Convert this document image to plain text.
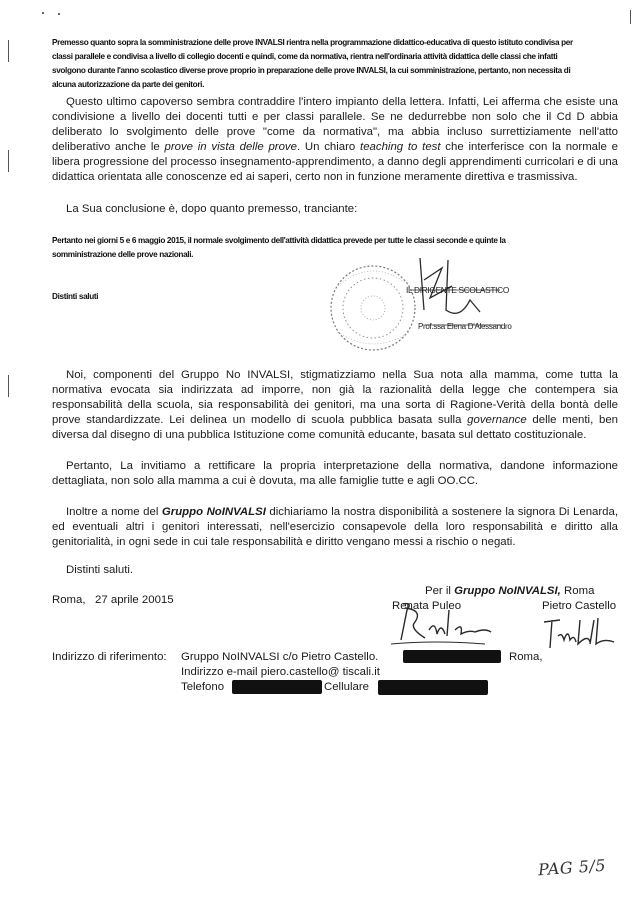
Premesso quanto sopra la somministrazione delle prove INVALSI rientra nella programmazione didattico-educativa di questo istituto condivisa per
classi parallele e condivisa a livello di collegio docenti e quindi, come da normativa, rientra nell'ordinaria attività didattica delle classi che infatti
svolgono durante l'anno scolastico diverse prove proprio in preparazione delle prove INVALSI, la cui somministrazione, pertanto, non necessita di
alcuna autorizzazione da parte dei genitori.
Questo ultimo capoverso sembra contraddire l'intero impianto della lettera. Infatti, Lei afferma che esiste una condivisione a livello dei docenti tutti e per classi parallele. Se ne dedurrebbe non solo che il Cd D abbia deliberato lo svolgimento delle prove "come da normativa", ma abbia incluso surrettiziamente nell'atto deliberativo anche le prove in vista delle prove. Un chiaro teaching to test che interferisce con la normale e libera progressione del processo insegnamento-apprendimento, a danno degli apprendimenti curricolari e di una didattica orientata alle conoscenze ed ai saperi, certo non in funzione meramente direttiva e trasmissiva.
La Sua conclusione è, dopo quanto premesso, tranciante:
Pertanto nei giorni 5 e 6 maggio 2015, il normale svolgimento dell'attività didattica prevede per tutte le classi seconde e quinte la
somministrazione delle prove nazionali.
Distinti saluti
IL DIRIGENTE SCOLASTICO
Prof.ssa Elena D'Alessandro
Noi, componenti del Gruppo No INVALSI, stigmatizziamo nella Sua nota alla mamma, come tutta la normativa evocata sia indirizzata ad imporre, non già la razionalità della legge che contempera sia responsabilità della scuola, sia responsabilità dei genitori, ma una sorta di Ragione-Verità della bontà delle prove standardizzate. Lei delinea un modello di scuola pubblica basata sulla governance delle menti, ben diversa dal disegno di una pubblica Istituzione come comunità educante, basata sul dettato costituzionale.
Pertanto, La invitiamo a rettificare la propria interpretazione della normativa, dandone informazione dettagliata, non solo alla mamma a cui è dovuta, ma alle famiglie tutte e agli OO.CC.
Inoltre a nome del Gruppo NoINVALSI dichiariamo la nostra disponibilità a sostenere la signora Di Lenarda, ed eventuali altri i genitori interessati, nell'esercizio consapevole della loro responsabilità e diritto alla genitorialità, in ogni sede in cui tale responsabilità e diritto vengano messi a rischio o negati.
Distinti saluti.
Roma,   27 aprile 20015
Per il Gruppo NoINVALSI, Roma
Renata Puleo	Pietro Castello
Indirizzo di riferimento: Gruppo NoINVALSI c/o Pietro Castello.	Roma,
Indirizzo e-mail piero.castello@ tiscali.it
Telefono	Cellulare
PAG 5/5
